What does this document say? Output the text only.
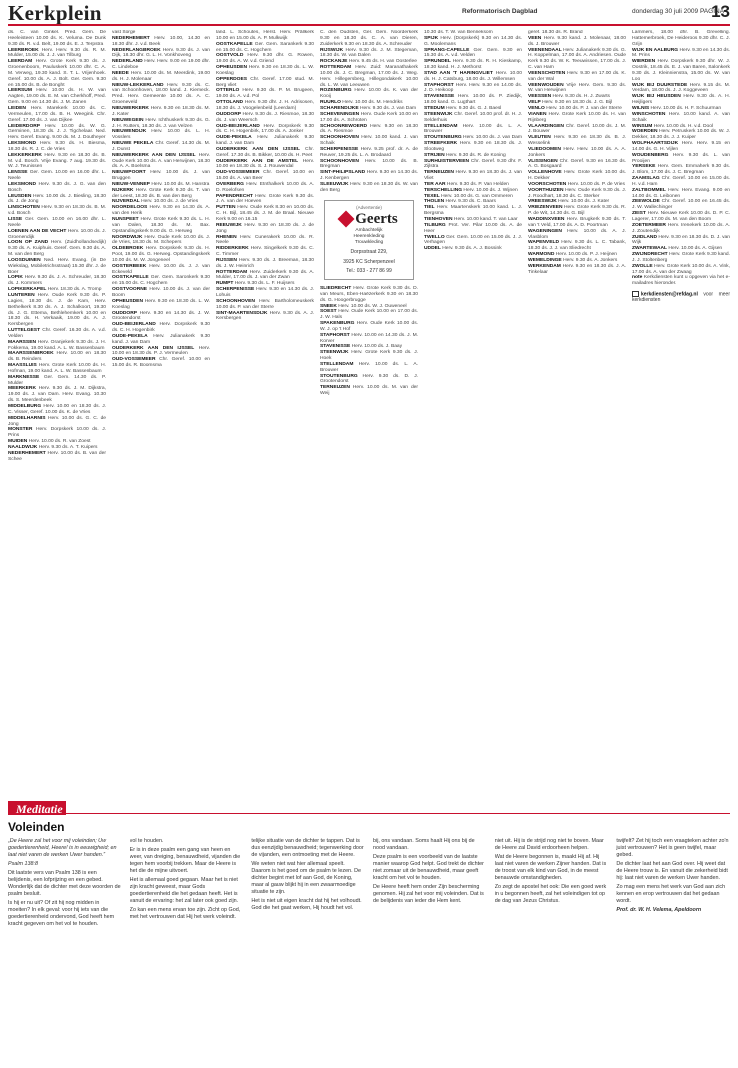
Kerkplein	Reformatorisch Dagblad	donderdag 30 juli 2009 PAGINA
13

ds. C. van Ginkel. Pred. Gem. De Heeleisteen 10.00 ds. K. Veluma. De Dunk 9.30 ds. R. v.d. Belt, 19.00 ds. E. J. Terpstra

LEERBROEK Herv. Herv. 9.30 ds. R. M. Mulder, 15.00 ds. J. J. van Tilburg

LEERDAM Herv. Grote Kerk 9.30 ds. J. Groenenboom, Pauluskerk 10.00 dhr. C. A. M. Verweg, 19.30 kand. S. T. L. Vrijenhoek. Geref. 10.00 ds. A. J. Bolt. Ger. Gem. 9.30 en 15.00 ds. B. de Bonght

LEERSUM Herv. 10.00 ds. H. W. van Aagten, 19.00 ds. E. M. van Cherkhoff, Pred. Gem. 9.00 en 14.30 ds. J. M. Zanen

LEIDEN Herv. Marekerk 10.00 ds. C. Vermeulen, 17.00 ds. B. H. Weegink. Chr. Geref. 17.00 ds. J. van Dijkee

LEIDERDORP Herv. 10.00 ds. W. G. Germinen, 18.30 ds. J. J. Tigchelaar. Ned. Herv. Geref. Evang. 9.00 ds. M. J. Doutheyer

LEKSMOND Herv. 9.30 ds. H. Biesma, 18.30 ds. R. J. C. de Vries

LEKKERKERK Herv. 9.30 en 18.30 ds. B. M. v.d. Bosch. Vrije Evang. 7 aug. 19.30 ds. W. J. Teunissen

LENSSE Ger. Gem. 10.00 en 16.00 dhr. L. Neele

LEKSMOND Herv. 9.30 ds. J. G. van den Bosch

LEUSDEN Herv. 10.00 ds. J. Biesling, 18.30 ds. J. de Jong

LINSCHOTEN Herv. 9.30 en 18.30 ds. B. M. v.d. Bosch

LISSE Ger. Gem. 10.00 en 16.00 dhr. L. Neele

LOENEN AAN DE VECHT Herv. 10.00 ds. J. Groenendijk

LOON OP ZAND Herv. (Zuidhollandsedijk) 9.30 ds. A. Kuiphuis. Geref. Gem. 9.30 ds. A. M. van den Berg

LOOSDUINEN Ned. Herv. Evang. (in De Wiekslag, Mobiletrichsstraat) 15.30 dhr. J. de Boer

LOPIK Herv. 9.30 ds. J. A. Schreuder, 18.30 ds. J. Kommers

LOPIKERKAPEL Herv. 18.30 ds. A. Tromp

LUNTEREN Herv. Oude Kerk 9.30 ds. P. Lagies, 18.30 ds. J. de Kam, Herv. Bethelkerk 8.30 ds. A. J. Schalkoort, 19.30 ds. J. G. Ettema, Bethlehemkerk 10.00 en 18.30 ds. H. Verkaaik, 19.00 ds. A. J. Kersbergen

LUTTELGEST Chr. Geref. 16.30 ds. A. v.d. Velden

MAARSSEN Herv. Oranjekerk 9.30 ds. J. H. Fokkema, 19.00 kand. A. L. W. Bassenbaum

MAARSSENBROEK Herv. 10.00 en 18.30 ds. B. Reinders

MAASSLUIS Herv. Grote Kerk 10.00 ds. H. Hofman, 19.00 kand. A. L. W. Bassenbaum

MARKNESSE Ger. Gem. 14.30 ds. P. Mulder

MEERKERK Herv. 9.30 ds. J. M. Dijkstra, 19.00 ds. J. van Dam. Herv. Evang. 10.30 ds. S. Meerdenbeek

MIDDELBURG Herv. 10.00 en 18.30 ds. J. C. Visser, Geref. 10.00 ds. K. de Vries

MIDDELHARNIS Herv. 10.00 ds. G. C. de Jong

MONSTER Herv. Dorpskerk 10.00 ds. J. Prins

MUIDEN Herv. 10.00 ds. R. van Zoest

NAALDWIJK Herv. 9.30 ds. A. T. Kuipers

NEDERHEMERT Herv. 10.00 ds. B. van der Schee

vast Sorgе

NEDERHEMERT Herv. 10.00, 14.30 en 18.30 dhr. J. v.d. Beek

NEDERLANGBROEK Herv. 9.30 ds. J. van Dijk, 18.30 dhr. G. L. H. Vonkhoveng

NEDERLAND Herv. Herv. 9.00 en 19.00 dhr. C. Lindeboe

NEEDE Herv. 10.00 ds. M. Meerdink, 19.00 ds. H. J. Molenaar

NIEUW-LEKKERLAND Herv. 9.30 ds. C. van Schoonhoven, 18.00 kand. J. Kiemeck. Pred. Herv. Gemeente 10.00 ds. A. C. Groeneveld

NIEUWERKERK Herv. 9.30 en 18.30 ds. M. J. Kater

NIEUWEGEIN Herv. Ichthuskerk 9.30 ds. G. J. H. Rutters, 18.30 ds. J. van Velzen

NIEUWENDIJK Herv. 10.00 ds. L. H. Vosslers

NIEUWE PEKELA Chr. Geref. 14.30 ds. M. J. Dunst

NIEUWERKERK AAN DEN IJSSEL Herv. Oude Kerk 10.00 ds. A. van Herwijnen, 18.30 ds. A. A. Boelsma

NIEUWPOORT Herv. 10.00 ds. J. van Bruggen

NIEUW-VENNEP Herv. 10.00 ds. M. Hanstra

NIJKERK Herv. Grote Kerk 9.30 ds. T. van der Leest, 18.30 ds. B. van den Berg

NIJVERDAL Herv. 10.00 ds. J. de Vries

NOORDELOOS Herv. 9.30 en 14.30 ds. A. van den Herik

NUNSPEET Herv. Grote Kerk 9.30 ds. L. H. van Dalen, 18.30 ds. M. Bax. Opstandingskerk 9.00 ds. G. Herweg

NOORDWIJK Herv. Oude Kerk 10.00 ds. J. de Vries, 18.30 ds. M. Schepers

OLDEBROEK Herv. Dorpskerk 9.30 ds. H. Poot, 19.00 ds. G. Herweg. Opstandingskerk 10.00 ds. M. W. Jongeneel

OOSTERBEEK Herv. 10.00 ds. J. J. van Eckeveld

OOSTKAPELLE Ger. Gem. Saronkerk 9.30 en 15.00 ds. C. Hogchem

OOSTVOORNE Herv. 10.00 ds. J. van der Boom

OPHEUSDEN Herv. 9.30 en 18.30 ds. L. W. Koeslag

OUDDORP Herv. 9.30 en 14.30 ds. J. W. Grootendorst

OUD-BEIJERLAND Herv. Dorpskerk 9.30 ds. C. H. Hogenbirk

OUDE-PEKELA Herv. Julianakerk 9.30 kand. J. van Dam

OUDERKERK AAN DEN IJSSEL Herv. 10.00 en 18.30 ds. P. J. Vermeulen

OUD-VOSSEMEER Chr. Geref. 10.00 en 15.00 ds. R. Boomsma

land. L. Schoutes, Herst. Herv. Prällkerk 10.00 en 15.00 ds. A. P. Mulkwijk

OOSTKAPELLE Ger. Gem. Sarankerk 9.30 en 15.00 ds. C. Hogchem

OOSTVOLD Herv. 9.30 dhr. G. Rowen, 19.00 ds. A. W. v.d. Griend

OPHEUSDEN Herv. 9.30 en 18.30 ds. L. W. Koeslag

OPPERDOES Chr. Geref. 17.00 stud. M. Berg vliet

OTTERLO Herv. 9.30 ds. P. M. Brugeen, 19.00 ds. A. v.d. Pol

OTTOLAND Herv. 9.30 dhr. J. H. Adrisosen, 18.30 ds. J. Voogelenbeld (Leerdam)

OUDDORP Herv. 9.30 ds. J. Riesmoe, 18.30 ds. J. van Weersch

OUD-BEIJERLAND Herv. Dorpskerk 9.30 ds. C. H. Hogenbirk, 17.00 ds. A. Jonker

OUDE-PEKELA Herv. Julianakerk 9.30 kand. J. van Dam

OUDERKERK AAN DEN IJSSEL Chr. Geref. 17.30 ds. B. Bikker, 10.00 ds. H. Peet

OUDERKERK AAN DE AMSTEL Herv. 10.00 en 18.30 ds. S. J. Rouwendal

OUD-VOSSEMEER Chr. Geref. 10.00 en 15.00 ds. A. van Beer

OVERBERG Herv. Etnthalkerk 10.00 ds. A. D. Roelofsen

PAPENDRECHT Herv. Grote Kerk 9.30 ds. J. A. van der Hoeven

PUTTEN Herv. Oude Kerk 8.30 en 10.00 ds. C. H. Bijl, 18.45 ds. J. M. de Braal. Nieuwe Kerk 9.00 en 16.15

REEUWIJK Herv. 9.30 en 18.30 ds. J. de Jong

RHENEN Herv. Cunerakerk 10.00 ds. R. Neele

RIDDERKERK Herv. Singelkerk 9.30 ds. C. C. Timmer

RIJSSEN Herv. 9.30 ds. J. Breeman, 18.30 ds. J. W. Heinrich

ROTTERDAM Herv. Zuiderkerk 9.30 ds. A. Mulder, 17.00 ds. J. van der Zwan

RUMPT Herv. 9.30 ds. L. F. Huijsers

SCHERPENISSE Herv. 9.30 en 14.30 ds. J. Lohuis

SCHOONHOVEN Herv. Bartholomeuskerk 10.00 ds. P. van der Sterre

SINT-MAARTENSDIJK Herv. 9.30 ds. A. J. Kersbergen

C. den Oudsten, Ger. Gem. Noorderkerk 9.30 en 18.30 ds. C. A. van Dieren, Zuiderkerk 9.30 en 18.30 ds. A. Schreuder

RIJSWIJK Herv. 9.30 ds. J. M. Stegeman, 18.30 ds. W. van Dalen

ROCKANJE Herv. 9.45 ds. H. van Oosterlee

ROTTERDAM Herv. Zuid: Maranathakerk 10.00 ds. J. C. Bregman, 17.00 ds. J. Weg. Herv. Hillegersberg, Hillegondakerk 10.00 ds. L. W. van Leeuwen

ROZENBURG Herv. 10.00 ds. K. van der Kooij

RUURLO Herv. 10.00 ds. M. Hendriks

SCHARENDIJKE Herv. 9.30 ds. J. van Dam

SCHEVENINGEN Herv. Oude Kerk 10.00 en 17.00 ds. A. Schroten

SCHOONREWOERD Herv. 9.30 en 18.30 ds. A. Riesmoe

SCHOONHOVEN Herv. 10.00 kand. J. van Schaik

SCHERPENISSE Herv. 9.25 prof. dr. A. de Reuver, 19.25 ds. L. A. Brodaard

SCHOONHOVEN Herv. 10.00 ds. B. Bregman

SINT-PHILIPSLAND Herv. 9.30 en 14.30 ds. J. Kenbergen

SLEEUWIJK Herv. 9.30 en 18.30 ds. W. van den Berg

(Advertentie)
Geerts
Ambachtelijk
Heerenkleding
Trouwkleding
Dorpsstraat 229,
3925 KC Scherpenzeel
Tel.: 033 - 277 86 99

SLIEDRECHT Herv. Grote Kerk 9.30 ds. D. van Meurs, Eben-Haëzerkerk 9.30 en 18.30 ds. G. Hoogerbrugge

SNEEK Herv. 10.00 ds. W. J. Ouweneel

SOEST Herv. Oude Kerk 10.00 en 17.00 ds. J. W. Hals

SPAKENBURG Herv. Oude Kerk 10.00 ds. W. J. op 't Hof

STAPHORST Herv. 10.00 en 14.30 ds. J. M. Korver

STAVENISSE Herv. 10.00 ds. J. Baay

STEENWIJK Herv. Grote Kerk 9.30 ds. J. Hoek

STELLENDAM Herv. 10.00 ds. L. A. Brouwer

STOUTENBURG Herv. 9.30 ds. D. J. Grootendorst

TERNEUZEN Herv. 10.00 ds. M. van der Weij

10.30 ds. T. W. van Benneksom

SPIJK Herv. (Dorpskerk) 9.30 en 14.30 ds. G. Moolemans

SPRANG-CAPELLE Ger. Gem. 9.30 en 15.30 ds. A. v.d. Velden

SPRUNDEL Herv. 9.30 ds. R. H. Kieskamp, 18.30 kand. H. J. Methorst

STAD AAN 'T HARINGVLIET Herv. 10.00 ds. H. J. Catsburg, 18.00 ds. J. Willemsen

STAPHORST Herv. Herv. 9.30 en 14.00 ds. J. D. Heikoop

STAVENISSE Herv. 10.00 ds. P. Ziedijk, 18.00 kand. G. Lugthart

STEDUM Herv. 9.30 ds. G. J. Baesl

STEENWIJK Chr. Geref. 10.00 prof. dr. H. J. Selderhuis

STELLENDAM Herv. 10.00 ds. L. A. Brouwer

STOUTENBURG Herv. 10.00 ds. J. van Dam

STREEFKERK Herv. 9.30 en 18.30 ds. J. Slootweg

STRIJEN Herv. 9.30 ds. R. de Koning

SURHUISTERVEEN Chr. Geref. 9.30 dhr. F. Zijlstra

TERNEUZEN Herv. 9.30 en 18.30 ds. J. van Vliet

TER AAR Herv. 9.30 ds. P. Van Helden

TERSCHELLING Herv. 10.00 ds. J. Wijnen

TEXEL Herv. 10.00 ds. G. van Ommeren

THOLEN Herv. 9.30 ds. C. Baars

TIEL Herv. Maartenskerk 10.00 kand. L. J. Bergsma

TIENHOVEN Herv. 10.00 kand. T. van Laar

TILBURG Prot. Ver. Pilar 10.00 ds. A. de Heer

TWELLO Ger. Gem. 10.00 en 15.00 ds. J. J. Verhagen

UDDEL Herv. 9.30 ds. A. J. Bossink

geref. 18.30 ds. R. Brand

VEEN Herv. 9.30 kand. J. Molenaar, 18.00 ds. J. Brouwer

VEENENDAAL Herv. Julianakerk 9.30 ds. G. H. Koppelman, 17.00 ds. A. Andriesen. Oude Kerk 9.30 ds. W. K. Teeuwissen, 17.00 ds. J. C. van Ham

VEENSCHOTEN Herv. 9.30 en 17.00 ds. K. van der Wal

VEENWOUDEN Vrije Herv. Gem. 9.30 ds. W. van Herwijnen

VEESSEN Herv. 9.30 ds. H. J. Zwarts

VELP Herv. 9.30 en 18.30 ds. J. G. Bijl

VENLO Herv. 10.00 ds. P. J. van der Sterre

VIANEN Herv. Grote Kerk 10.00 ds. H. van Rijnberg

VLAARDINGEN Chr. Geref. 10.00 ds. J. M. J. Bouwer

VLEUTEN Herv. 9.30 en 18.30 ds. B. J. Wesselink

VLIEDOOMEN Herv. Herv. 10.00 ds. A. A. Jonkers

VLISSINGEN Chr. Geref. 9.30 en 16.30 ds. A. G. Bosgaard

VOLLENHOVE Herv. Grote Kerk 10.00 ds. H. Dekker

VOORSCHOTEN Herv. 10.00 ds. P. de Vries

VOORTHUIZEN Herv. Oude Kerk 9.30 ds. J. J. Roodhart, 18.30 ds. C. Sterker

VREESWIJK Herv. 10.00 ds. J. Kater

VRIEZENVEEN Herv. Grote Kerk 9.30 ds. R. P. de Wit, 14.30 ds. G. Bijl

WADDINXVEEN Herv. Brugkerk 9.30 ds. T. van 't Veld, 17.00 ds. A. D. Poortman

WAGENINGEN Herv. 10.00 ds. A. J. Vlasblom

WAPENVELD Herv. 9.30 ds. L. C. Tabank, 18.30 ds. J. J. van Sliedrecht

WARMOND Herv. 10.00 ds. P. J. Heijnen

WEMELDINGE Herv. 9.30 ds. A. Jonkers

WERKENDAM Herv. 9.30 en 18.30 ds. J. A. Tinkelaar

Lammers, 18.00 dhr. B. Grevelling. Hattemerbroek, De Heideroos 9.30 dhr. C. J. Grijn

WIJK EN AALBURG Herv. 9.30 en 14.30 ds. M. Prins

WIERDEN Herv. Dorpskerk 9.30 dhr. W. J. Oostrik, 18.45 ds. E. J. van Baren, Salonkerk 9.30 ds. J. Kleinnienstra, 15.00 ds. W. van Loo

WIJK BIJ DUURSTEDE Herv. 9.15 ds. M. Verdam, 18.00 ds. J. J. Koggeveen

WIJK BIJ HEUSDEN Herv. 9.30 ds. A. H. Heijligers

WILNIS Herv. 10.00 ds. H. F. Schuurman

WINSCHOTEN Herv. 10.00 kand. A. van Schaik

WINSUM Herv. 10.00 ds. H. v.d. Dool

WOERDEN Herv. Petruskerk 10.00 ds. W. J. Dekker, 18.30 ds. J. J. Kuiper

WOLPHAARTSDIJK Herv. Herv. 9.15 en 14.00 ds. G. H. Vijlen

WOUDENBERG Herv. 9.30 ds. L. van Prooijen

YERSEKE Herv. Gem. Emmaherk 9.30 ds. J. Blom, 17.00 ds. J. C. Bregman

ZAAMSLAG Chr. Geref. 10.00 en 15.00 ds. H. v.d. Ham

ZALTBOMMEL Herv. Herv. Evang. 9.00 en 14.00 ds. G. Leibonen

ZEEWOLDE Chr. Geref. 10.00 en 16.45 ds. J. W. Wallechinger

ZEIST Herv. Nieuwe Kerk 10.00 ds. D. P. C. Lagerer, 17.00 ds. M. van den Boom

ZOETERMEER Herv. Irenekerk 10.00 ds. A. J. Zoutendijk

ZUIDLAND Herv. 9.30 en 18.30 ds. D. J. van Wijk

ZWARTEWAAL Herv. 10.00 ds. A. Gijsen

ZWIJNDRECHT Herv. Grote Kerk 9.30 kand. J. J. Stoltenberg

ZWOLLE Herv. Grote Kerk 10.00 ds. A. Vink, 17.00 ds. A. van der Zwaag

note Kerkdiensten kunt u opgeven via het e-mailadres hieronder.

kerkdiensten@refdag.nl voor meer kerkdiensten
Meditatie
Voleinden

„De Heere zal het voor mij voleinden; Uw goedertierenheid, Heere! is in eeuwigheid; en laat niet varen de werken Uwer handen.”

Psalm 138:8

Dit laatste vers van Psalm 138 is een belijdenis, een lofprijzing en een gebed. Wonderlijk dat de dichter met deze woorden de psalm besluit.

Is hij er nu uit? Of zit hij nog midden in moeiten? In elk geval: voor hij iets van die goedertierenheid ondervond, God heeft hem kracht gegeven om het vol te houden.

vol te houden.

Er is in deze psalm een gang van heen en weer, van dreiging, benauwdheid, vijanden die tegen hem voorbij trekken. Maar de Heere is het die de mijne uitvoert.

Het is allemaal goed gegaan. Maar het is niet zijn kracht geweest, maar Gods goedertierenheid die het gedaan heeft. Het is vanuit de ervaring: het zal later ook goed zijn.

Zo kan een mens ervan toe zijn. Zicht op God, met het vertrouwen dat Hij het werk voleindt.

telijke situatie van de dichter te tappen. Dat is dus eenzijdig benauwdheid; tegenwerking door de vijanden, een ontmoeting met de Heere.

We weten niet wat hier allemaal speelt. Daarom is het goed om de psalm te lezen. De dichter begint met lof aan God, de Koning, maar al gauw blijkt hij in een zwaarmoedige situatie te zijn.

Het is niet uit eigen kracht dat hij het volhoudt. God die het gaat werken, Hij houdt het vol.

bij, ons vandaan. Soms haalt Hij ons bij de nood vandaan.

Deze psalm is een voorbeeld van de laatste manier waarop God helpt. God trekt de dichter niet zomaar uit de benauwdheid, maar geeft kracht om het vol te houden.

De Heere heeft hem onder Zijn bescherming genomen. Hij zal het voor mij voleinden. Dat is de belijdenis van ieder die Hem kent.

niet uit. Hij is de strijd nog niet te boven. Maar de Heere zal David erdoorheen helpen.

Wat de Heere begonnen is, maakt Hij af. Hij laat niet varen de werken Zijner handen. Dat is de troost van elk kind van God, in de meest benauwde omstandigheden.

Zo zegt de apostel het ook: Die een goed werk in u begonnen heeft, zal het voleindigen tot op de dag van Jezus Christus.

twijfelt? Zet hij toch een vraagteken achter zo'n juist vertrouwen? Het is geen twijfel, maar gebed.

De dichter laat het aan God over. Hij weet dat de Heere trouw is. En vanuit die zekerheid bidt hij: laat niet varen de werken Uwer handen.

Zo mag een mens het werk van God aan zich kennen en erop vertrouwen dat het gedaan wordt.

Prof. dr. W. H. Velema, Apeldoorn
